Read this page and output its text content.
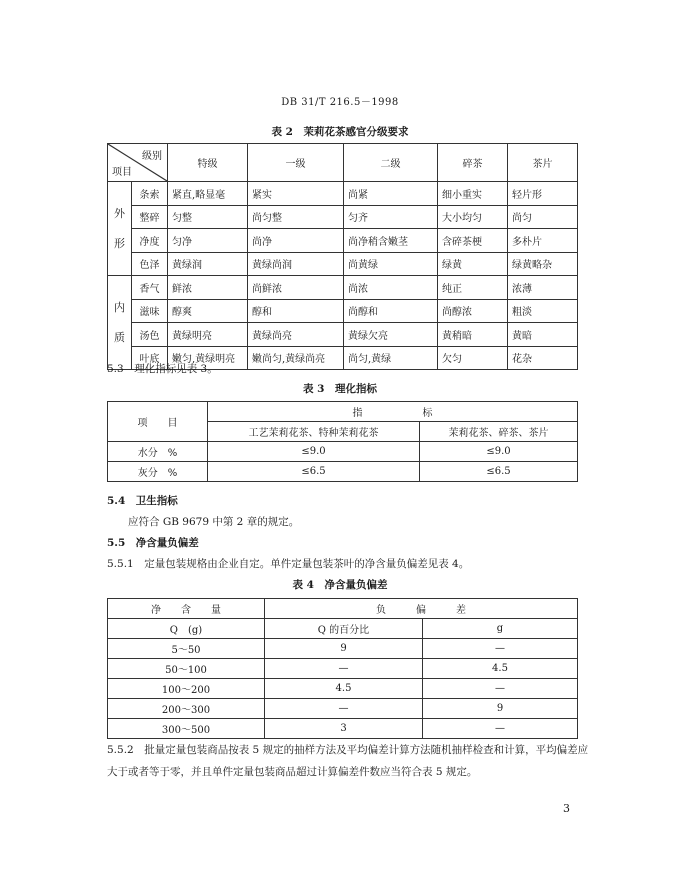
DB 31/T 216.5－1998
表 2　茉莉花茶感官分级要求
级别
项目		特级	一级	二级	碎茶	茶片

外
形	条索	紧直,略显毫	紧实	尚紧	细小重实	轻片形
	整碎	匀整	尚匀整	匀齐	大小均匀	尚匀
	净度	匀净	尚净	尚净稍含嫩茎	含碎茶梗	多朴片
	色泽	黄绿润	黄绿尚润	尚黄绿	绿黄	绿黄略杂

内
质	香气	鲜浓	尚鲜浓	尚浓	纯正	浓薄
	滋味	醇爽	醇和	尚醇和	尚醇浓	粗淡
	汤色	黄绿明亮	黄绿尚亮	黄绿欠亮	黄稍暗	黄暗
	叶底	嫩匀,黄绿明亮	嫩尚匀,黄绿尚亮	尚匀,黄绿	欠匀	花杂
5.3　理化指标见表 3。
表 3　理化指标
项　　目	指　　　　　　标	
	工艺茉莉花茶、特种茉莉花茶	茉莉花茶、碎茶、茶片
水分　%	≤9.0	≤9.0
灰分　%	≤6.5	≤6.5
5.4　卫生指标
应符合 GB 9679 中第 2 章的规定。
5.5　净含量负偏差
5.5.1　定量包装规格由企业自定。单件定量包装茶叶的净含量负偏差见表 4。
表 4　净含量负偏差
净　　含　　量	负　　　偏　　　差	
Q　(g)	Q 的百分比	g
5～50	9	—
50～100	—	4.5
100～200	4.5	—
200～300	—	9
300～500	3	—
5.5.2　批量定量包装商品按表 5 规定的抽样方法及平均偏差计算方法随机抽样检查和计算，平均偏差应
大于或者等于零，并且单件定量包装商品超过计算偏差件数应当符合表 5 规定。
3
